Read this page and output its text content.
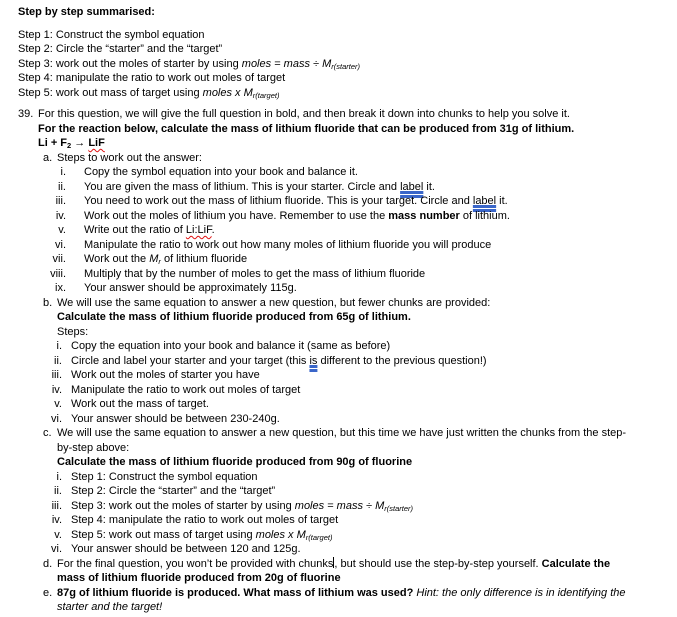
Step by step summarised:
Step 1: Construct the symbol equation
Step 2: Circle the “starter” and the “target”
Step 3: work out the moles of starter by using moles = mass ÷ $M_{r(starter)}$
Step 4: manipulate the ratio to work out moles of target
Step 5: work out mass of target using moles x $M_{r(target)}$
39. For this question, we will give the full question in bold, and then break it down into chunks to help you solve it.
For the reaction below, calculate the mass of lithium fluoride that can be produced from 31g of lithium.
$Li + F_2$ → LiF
a. Steps to work out the answer:
i. Copy the symbol equation into your book and balance it.
ii. You are given the mass of lithium. This is your starter. Circle and label it.
iii. You need to work out the mass of lithium fluoride. This is your target. Circle and label it.
iv. Work out the moles of lithium you have. Remember to use the mass number of lithium.
v. Write out the ratio of Li:LiF.
vi. Manipulate the ratio to work out how many moles of lithium fluoride you will produce
vii. Work out the $M_r$ of lithium fluoride
viii. Multiply that by the number of moles to get the mass of lithium fluoride
ix. Your answer should be approximately 115g.
b. We will use the same equation to answer a new question, but fewer chunks are provided:
Calculate the mass of lithium fluoride produced from 65g of lithium.
Steps:
i. Copy the equation into your book and balance it (same as before)
ii. Circle and label your starter and your target (this is different to the previous question!)
iii. Work out the moles of starter you have
iv. Manipulate the ratio to work out moles of target
v. Work out the mass of target.
vi. Your answer should be between 230-240g.
c. We will use the same equation to answer a new question, but this time we have just written the chunks from the step-
by-step above:
Calculate the mass of lithium fluoride produced from 90g of fluorine
i. Step 1: Construct the symbol equation
ii. Step 2: Circle the “starter” and the “target”
iii. Step 3: work out the moles of starter by using moles = mass ÷ $M_{r(starter)}$
iv. Step 4: manipulate the ratio to work out moles of target
v. Step 5: work out mass of target using moles x $M_{r(target)}$
vi. Your answer should be between 120 and 125g.
d. For the final question, you won’t be provided with chunks, but should use the step-by-step yourself. Calculate the
mass of lithium fluoride produced from 20g of fluorine
e. 87g of lithium fluoride is produced. What mass of lithium was used? Hint: the only difference is in identifying the
starter and the target!
